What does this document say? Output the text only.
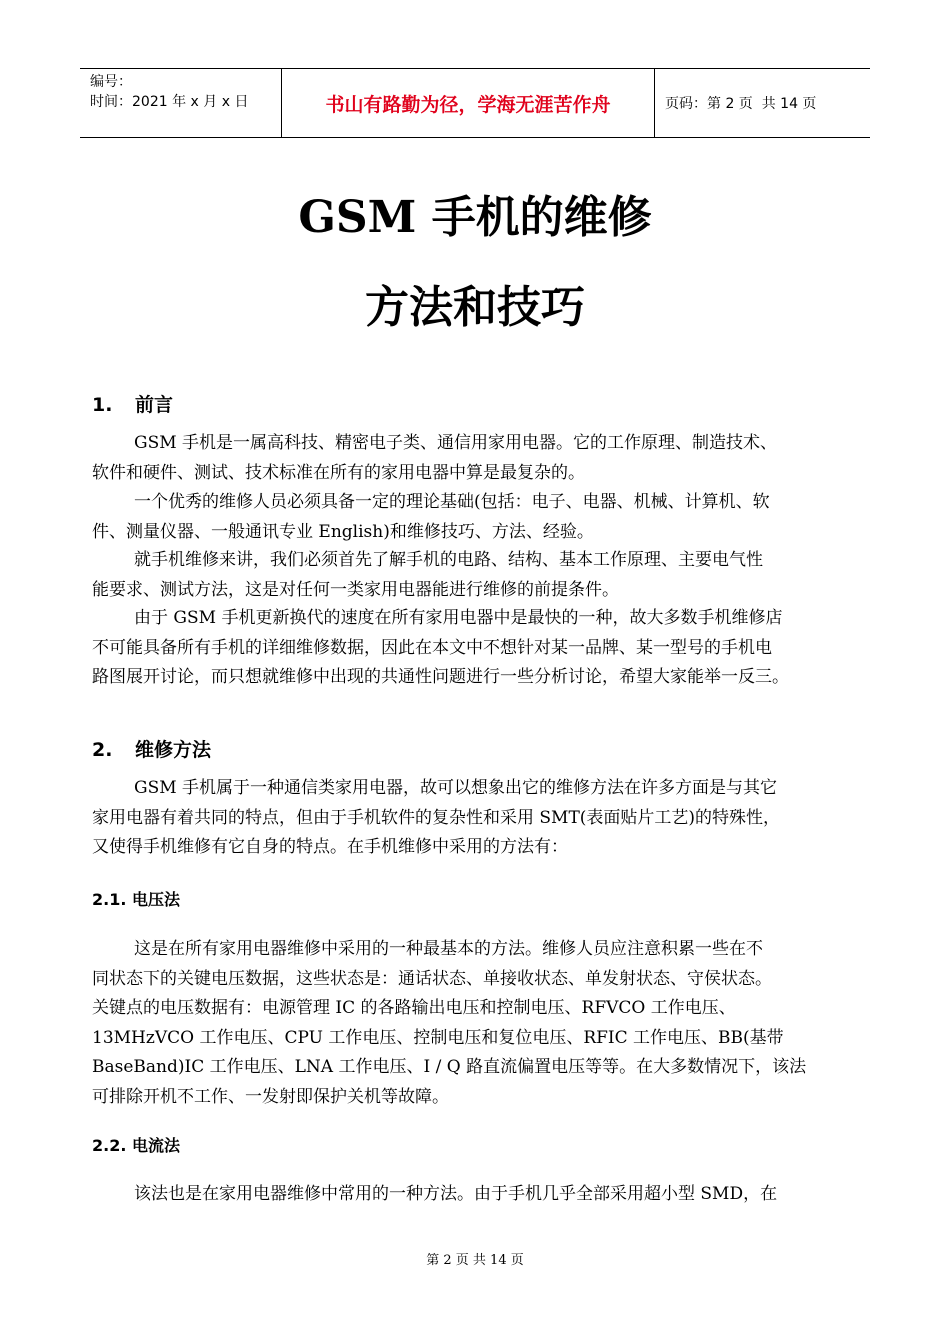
编号：
时间：2021 年 x 月 x 日	书山有路勤为径，学海无涯苦作舟	页码：第 2 页  共 14 页
GSM 手机的维修
方法和技巧
1. 前言
GSM 手机是一属高科技、精密电子类、通信用家用电器。它的工作原理、制造技术、
软件和硬件、测试、技术标准在所有的家用电器中算是最复杂的。
一个优秀的维修人员必须具备一定的理论基础(包括：电子、电器、机械、计算机、软
件、测量仪器、一般通讯专业 English)和维修技巧、方法、经验。
就手机维修来讲，我们必须首先了解手机的电路、结构、基本工作原理、主要电气性
能要求、测试方法，这是对任何一类家用电器能进行维修的前提条件。
由于 GSM 手机更新换代的速度在所有家用电器中是最快的一种，故大多数手机维修店
不可能具备所有手机的详细维修数据，因此在本文中不想针对某一品牌、某一型号的手机电
路图展开讨论，而只想就维修中出现的共通性问题进行一些分析讨论，希望大家能举一反三。
2. 维修方法
GSM 手机属于一种通信类家用电器，故可以想象出它的维修方法在许多方面是与其它
家用电器有着共同的特点，但由于手机软件的复杂性和采用 SMT(表面贴片工艺)的特殊性，
又使得手机维修有它自身的特点。在手机维修中采用的方法有：
2.1. 电压法
这是在所有家用电器维修中采用的一种最基本的方法。维修人员应注意积累一些在不
同状态下的关键电压数据，这些状态是：通话状态、单接收状态、单发射状态、守侯状态。
关键点的电压数据有：电源管理 IC 的各路输出电压和控制电压、RFVCO 工作电压、
13MHzVCO 工作电压、CPU 工作电压、控制电压和复位电压、RFIC 工作电压、BB(基带
BaseBand)IC 工作电压、LNA 工作电压、I / Q 路直流偏置电压等等。在大多数情况下，该法
可排除开机不工作、一发射即保护关机等故障。
2.2. 电流法
该法也是在家用电器维修中常用的一种方法。由于手机几乎全部采用超小型 SMD，在
第 2 页 共 14 页
